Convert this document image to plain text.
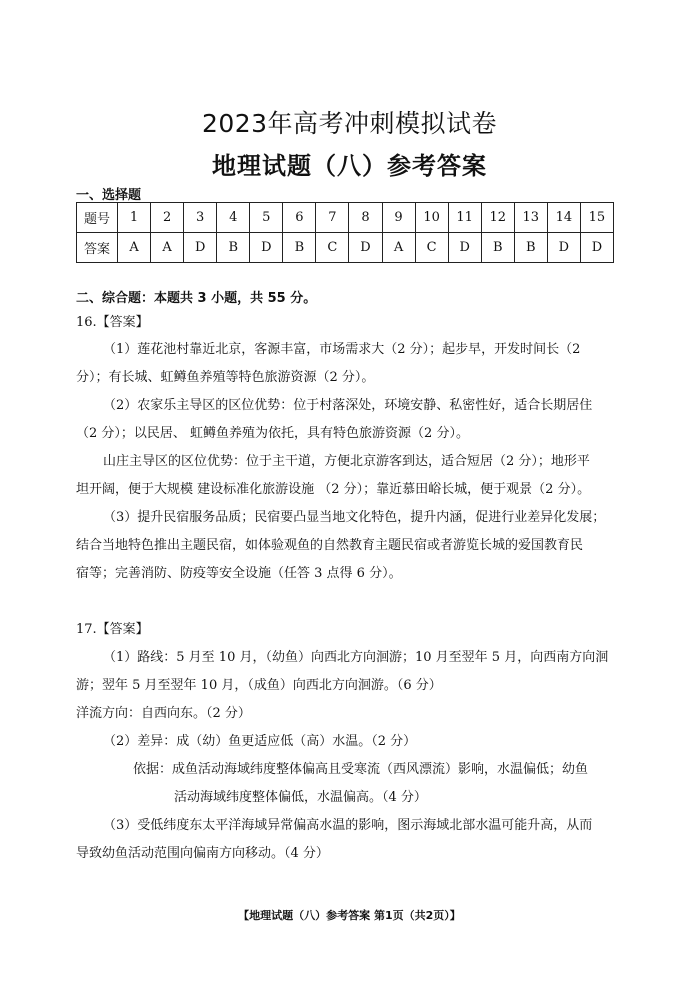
2023年高考冲刺模拟试卷
地理试题（八）参考答案
一、选择题
题号	1	2	3	4	5	6	7	8	9	10	11	12	13	14	15
答案	A	A	D	B	D	B	C	D	A	C	D	B	B	D	D
二、综合题：本题共 3 小题，共 55 分。
16.【答案】
（1）莲花池村靠近北京，客源丰富，市场需求大（2 分）；起步早，开发时间长（2
分）；有长城、虹鳟鱼养殖等特色旅游资源（2 分）。
（2）农家乐主导区的区位优势：位于村落深处，环境安静、私密性好，适合长期居住
（2 分）；以民居、 虹鳟鱼养殖为依托，具有特色旅游资源（2 分）。
山庄主导区的区位优势：位于主干道，方便北京游客到达，适合短居（2 分）；地形平
坦开阔，便于大规模 建设标准化旅游设施 （2 分）；靠近慕田峪长城，便于观景（2 分）。
（3）提升民宿服务品质；民宿要凸显当地文化特色，提升内涵，促进行业差异化发展；
结合当地特色推出主题民宿，如体验观鱼的自然教育主题民宿或者游览长城的爱国教育民
宿等；完善消防、防疫等安全设施（任答 3 点得 6 分）。
17.【答案】
（1）路线：5 月至 10 月，（幼鱼）向西北方向洄游；10 月至翌年 5 月，向西南方向洄
游；翌年 5 月至翌年 10 月，（成鱼）向西北方向洄游。（6 分）
洋流方向：自西向东。（2 分）
（2）差异：成（幼）鱼更适应低（高）水温。（2 分）
依据：成鱼活动海域纬度整体偏高且受寒流（西风漂流）影响，水温偏低；幼鱼
活动海域纬度整体偏低，水温偏高。（4 分）
（3）受低纬度东太平洋海域异常偏高水温的影响，图示海域北部水温可能升高，从而
导致幼鱼活动范围向偏南方向移动。（4 分）
【地理试题（八）参考答案 第1页（共2页）】
